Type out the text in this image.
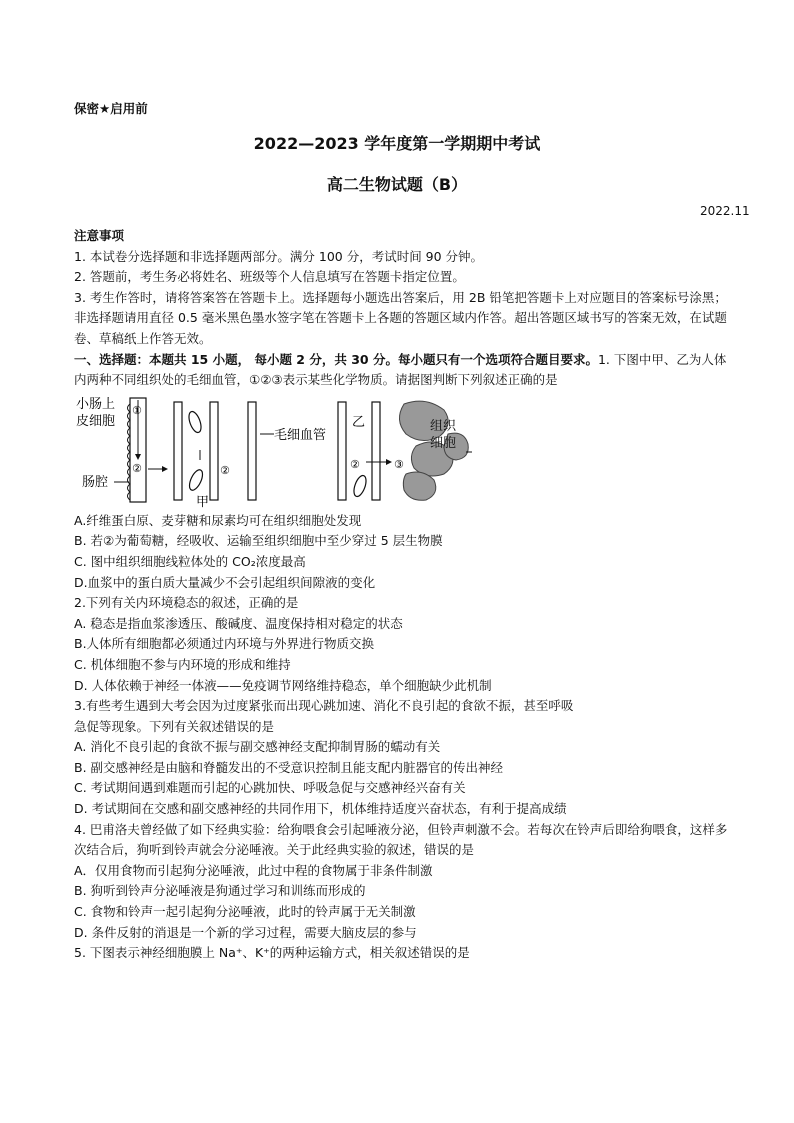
保密★启用前
2022—2023 学年度第一学期期中考试
高二生物试题（B）
2022.11

注意事项

1. 本试卷分选择题和非选择题两部分。满分 100 分，考试时间 90 分钟。

2. 答题前，考生务必将姓名、班级等个人信息填写在答题卡指定位置。

3. 考生作答时，请将答案答在答题卡上。选择题每小题选出答案后，用 2B 铅笔把答题卡上对应题目的答案标号涂黑；非选择题请用直径 0.5 毫米黑色墨水签字笔在答题卡上各题的答题区域内作答。超出答题区域书写的答案无效，在试题卷、草稿纸上作答无效。

一、选择题：本题共 15 小题， 每小题 2 分，共 30 分。每小题只有一个选项符合题目要求。1. 下图中甲、乙为人体内两种不同组织处的毛细血管，①②③表示某些化学物质。请据图判断下列叙述正确的是

小肠上
皮细胞
肠腔
①
②	②
甲
毛细血管
乙
②	③
组织
细胞

A.纤维蛋白原、麦芽糖和尿素均可在组织细胞处发现

B. 若②为葡萄糖，经吸收、运输至组织细胞中至少穿过 5 层生物膜

C. 图中组织细胞线粒体处的 CO₂浓度最高

D.血浆中的蛋白质大量减少不会引起组织间隙液的变化

2.下列有关内环境稳态的叙述，正确的是

A. 稳态是指血浆渗透压、酸碱度、温度保持相对稳定的状态

B.人体所有细胞都必须通过内环境与外界进行物质交换

C. 机体细胞不参与内环境的形成和维持

D. 人体依赖于神经一体液——免疫调节网络维持稳态，单个细胞缺少此机制

3.有些考生遇到大考会因为过度紧张而出现心跳加速、消化不良引起的食欲不振，甚至呼吸

急促等现象。下列有关叙述错误的是

A. 消化不良引起的食欲不振与副交感神经支配抑制胃肠的蠕动有关

B. 副交感神经是由脑和脊髓发出的不受意识控制且能支配内脏器官的传出神经

C. 考试期间遇到难题而引起的心跳加快、呼吸急促与交感神经兴奋有关

D. 考试期间在交感和副交感神经的共同作用下，机体维持适度兴奋状态，有利于提高成绩

4. 巴甫洛夫曾经做了如下经典实验：给狗喂食会引起唾液分泌，但铃声刺激不会。若每次在铃声后即给狗喂食，这样多次结合后，狗听到铃声就会分泌唾液。关于此经典实验的叙述，错误的是

A．仅用食物而引起狗分泌唾液，此过中程的食物属于非条件制激

B. 狗听到铃声分泌唾液是狗通过学习和训练而形成的

C. 食物和铃声一起引起狗分泌唾液，此时的铃声属于无关制激

D. 条件反射的消退是一个新的学习过程，需要大脑皮层的参与

5. 下图表示神经细胞膜上 Na⁺、K⁺的两种运输方式，相关叙述错误的是
